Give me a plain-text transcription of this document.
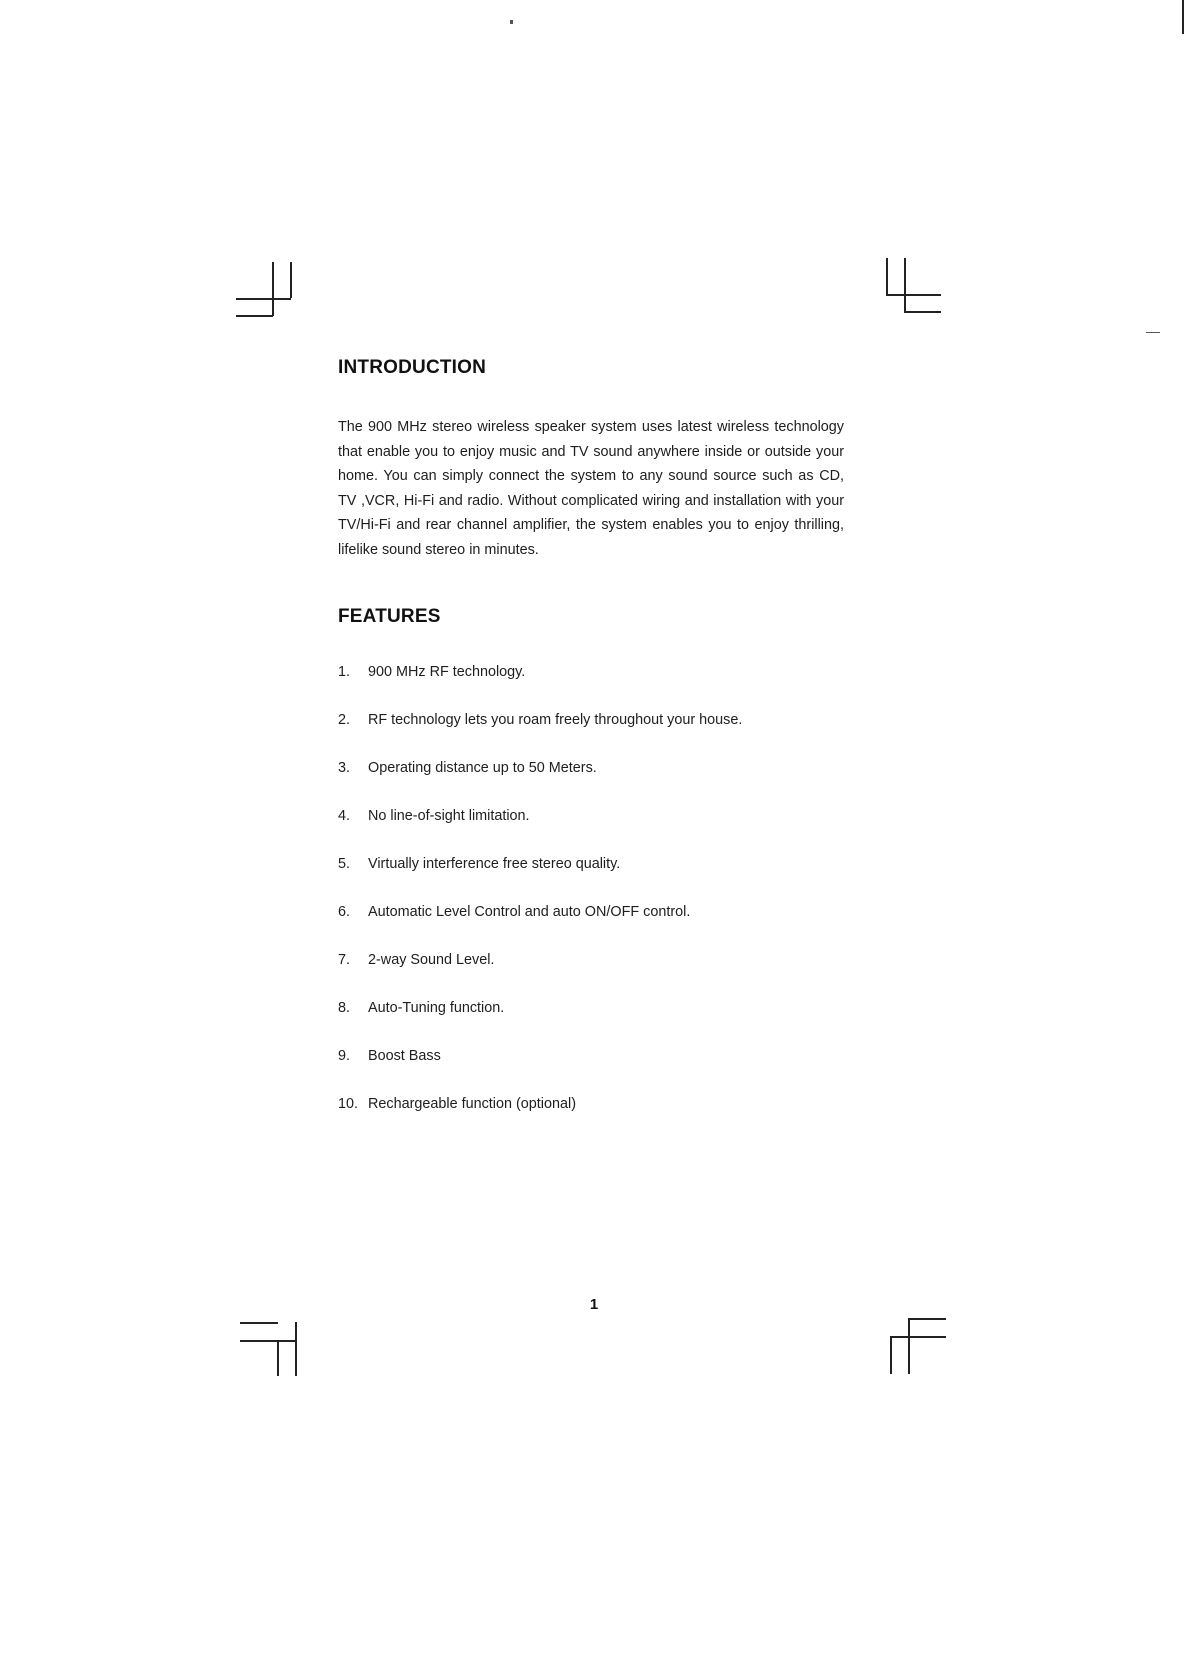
INTRODUCTION

The 900 MHz stereo wireless speaker system uses latest wireless technology that enable you to enjoy music and TV sound anywhere inside or outside your home. You can simply connect the system to any sound source such as CD, TV ,VCR, Hi-Fi and radio. Without complicated wiring and installation with your TV/Hi-Fi and rear channel amplifier, the system enables you to enjoy thrilling, lifelike sound stereo in minutes.

FEATURES
1. 900 MHz RF technology.
2. RF technology lets you roam freely throughout your house.
3. Operating distance up to 50 Meters.
4. No line-of-sight limitation.
5. Virtually interference free stereo quality.
6. Automatic Level Control and auto ON/OFF control.
7. 2-way Sound Level.
8. Auto-Tuning function.
9. Boost Bass
10. Rechargeable function (optional)
1
